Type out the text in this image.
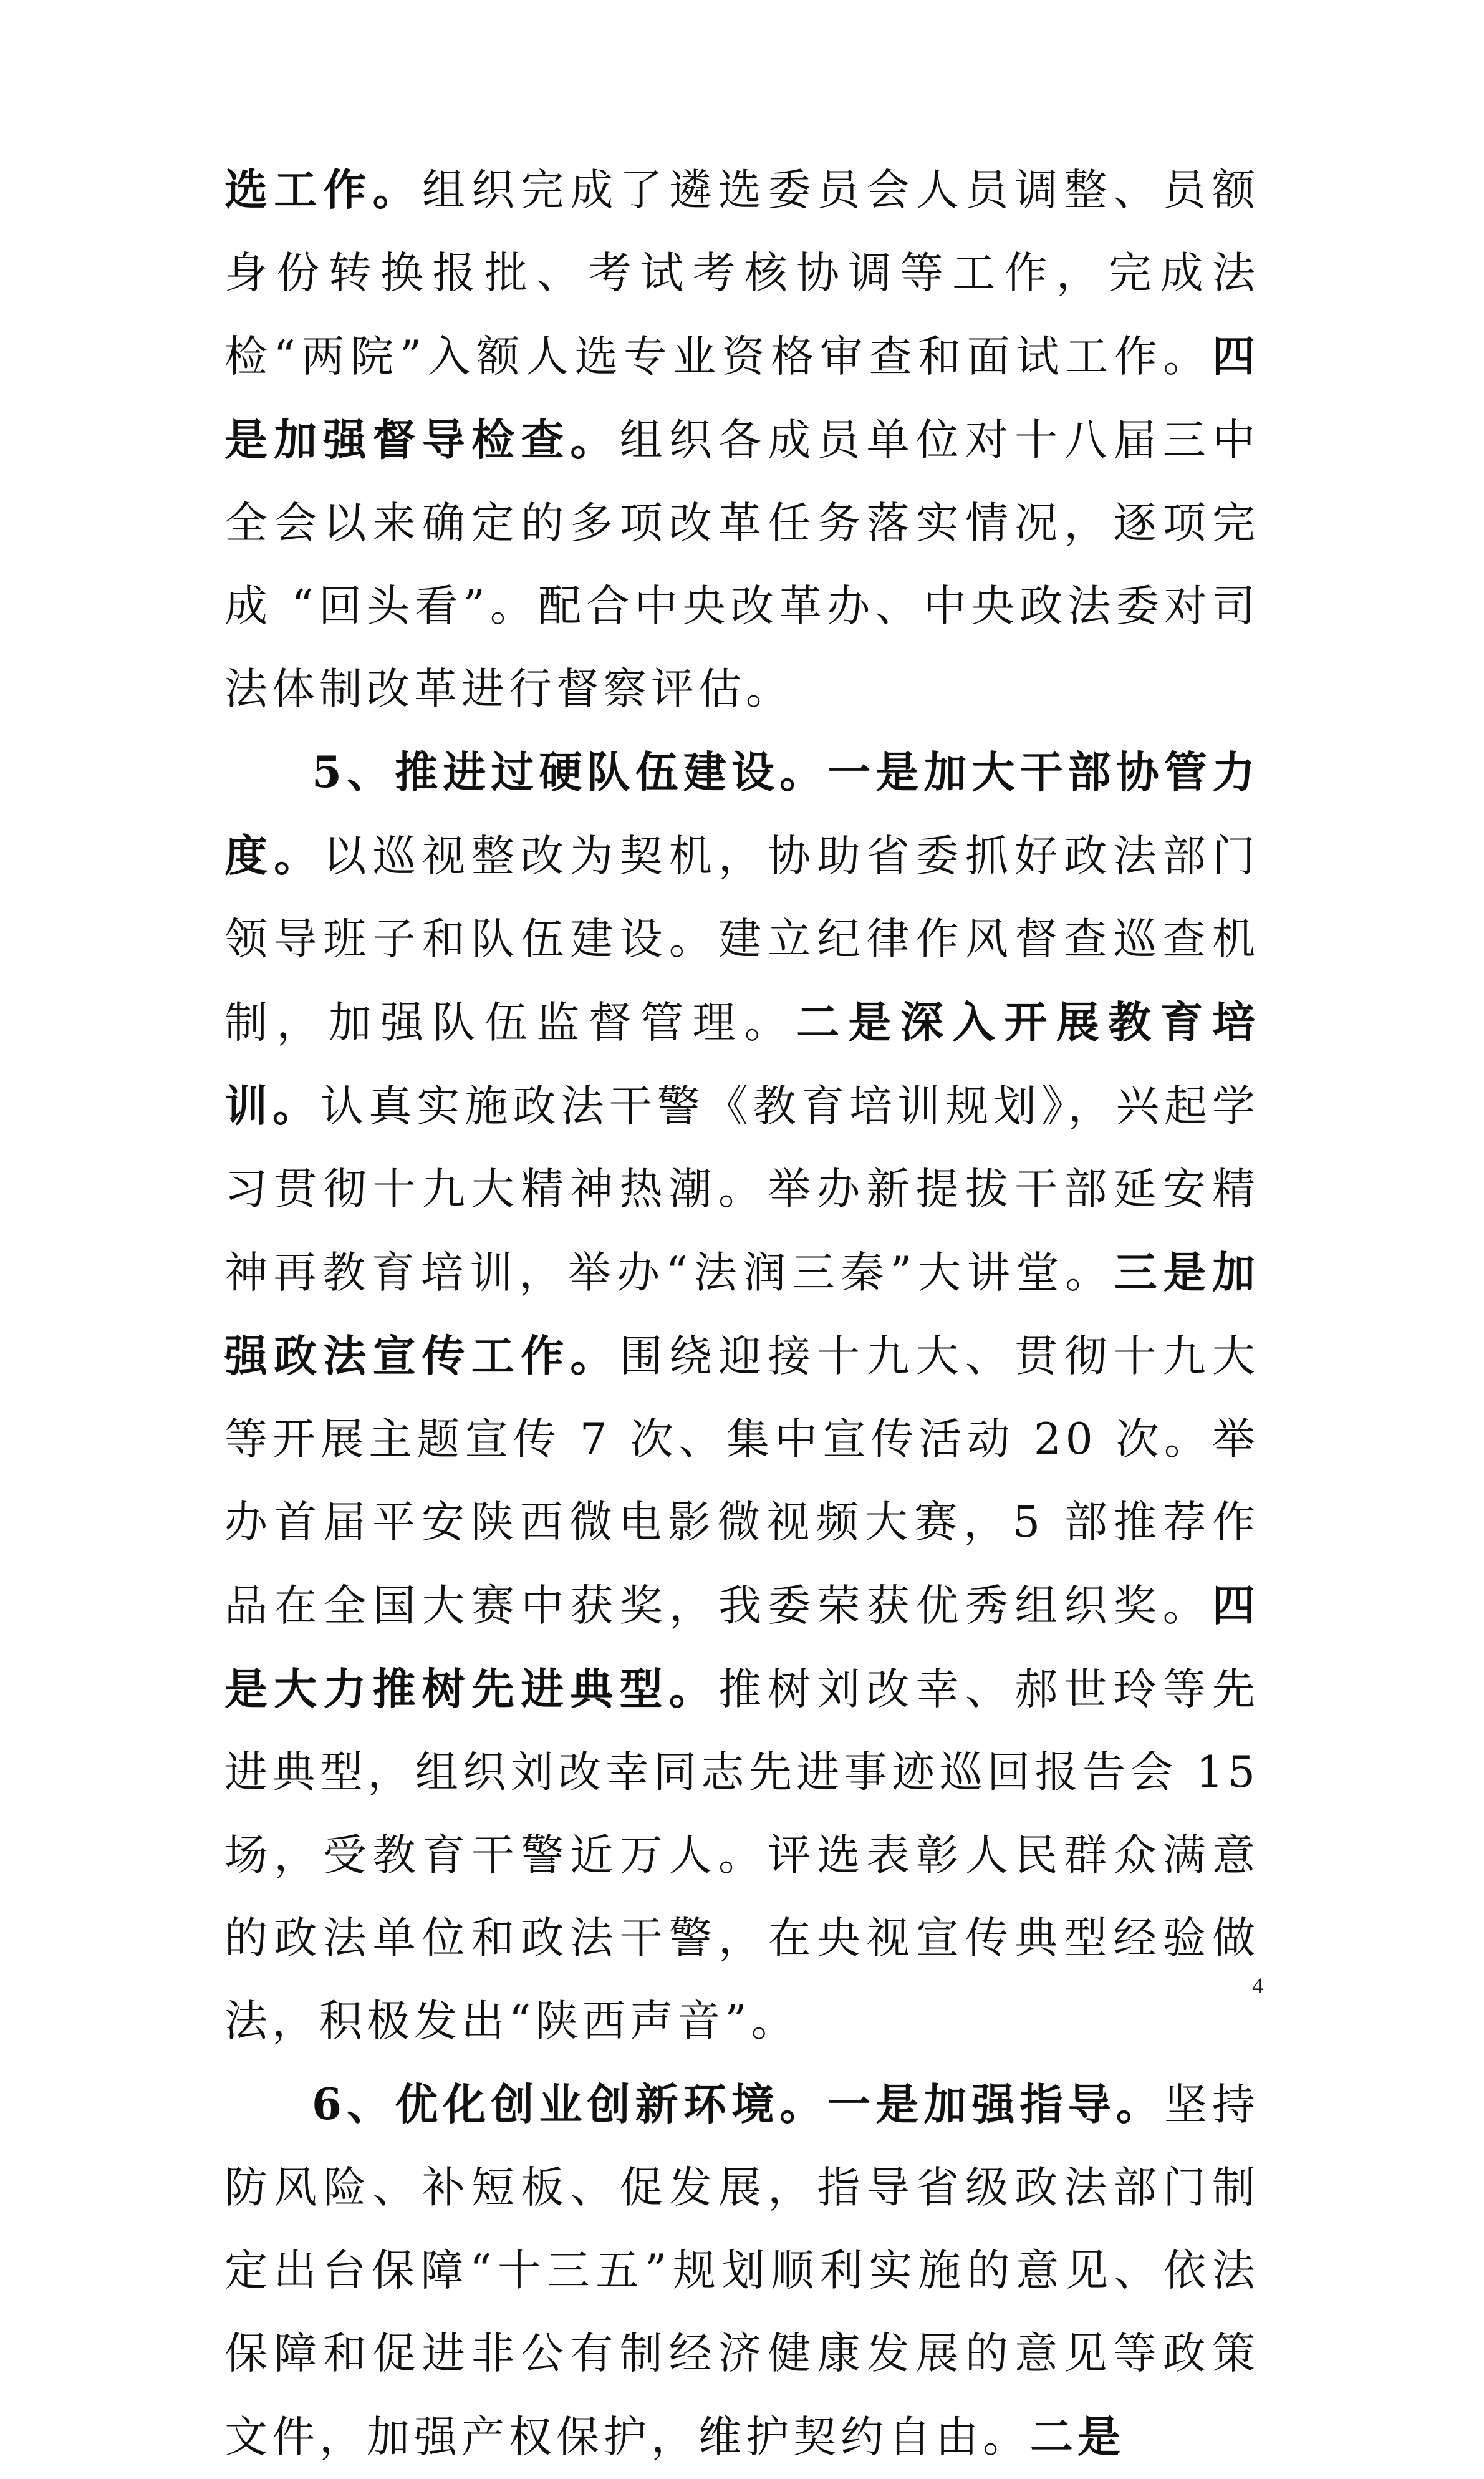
选工作。组织完成了遴选委员会人员调整、员额身份转换报批、考试考核协调等工作，完成法检“两院”入额人选专业资格审查和面试工作。四是加强督导检查。组织各成员单位对十八届三中全会以来确定的多项改革任务落实情况，逐项完成 “回头看”。配合中央改革办、中央政法委对司法体制改革进行督察评估。

5、推进过硬队伍建设。一是加大干部协管力度。以巡视整改为契机，协助省委抓好政法部门领导班子和队伍建设。建立纪律作风督查巡查机制，加强队伍监督管理。二是深入开展教育培训。认真实施政法干警《教育培训规划》，兴起学习贯彻十九大精神热潮。举办新提拔干部延安精神再教育培训，举办“法润三秦”大讲堂。三是加强政法宣传工作。围绕迎接十九大、贯彻十九大等开展主题宣传 7 次、集中宣传活动 20 次。举办首届平安陕西微电影微视频大赛，5 部推荐作品在全国大赛中获奖，我委荣获优秀组织奖。四是大力推树先进典型。推树刘改幸、郝世玲等先进典型，组织刘改幸同志先进事迹巡回报告会 15 场，受教育干警近万人。评选表彰人民群众满意的政法单位和政法干警，在央视宣传典型经验做法，积极发出“陕西声音”。

6、优化创业创新环境。一是加强指导。坚持防风险、补短板、促发展，指导省级政法部门制定出台保障“十三五”规划顺利实施的意见、依法保障和促进非公有制经济健康发展的意见等政策文件，加强产权保护，维护契约自由。二是

4
